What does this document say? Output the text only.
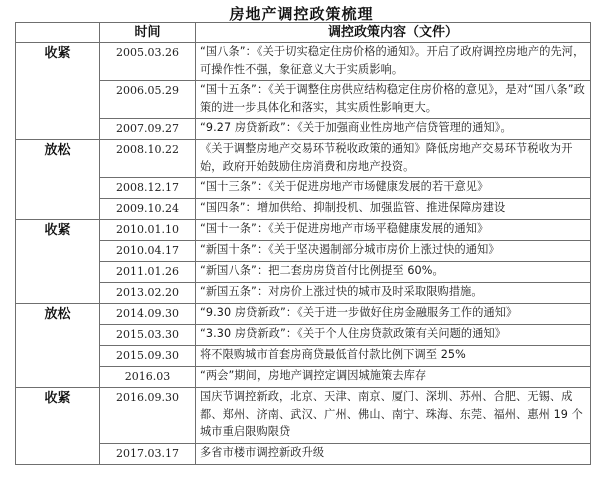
房地产调控政策梳理
	时间	调控政策内容（文件）
收紧	2005.03.26	“国八条”：《关于切实稳定住房价格的通知》。开启了政府调控房地产的先河，可操作性不强，象征意义大于实质影响。
	2006.05.29	“国十五条”：《关于调整住房供应结构稳定住房价格的意见》，是对“国八条”政策的进一步具体化和落实，其实质性影响更大。
	2007.09.27	“9.27 房贷新政”：《关于加强商业性房地产信贷管理的通知》。
放松	2008.10.22	《关于调整房地产交易环节税收政策的通知》降低房地产交易环节税收为开始，政府开始鼓励住房消费和房地产投资。
	2008.12.17	“国十三条”：《关于促进房地产市场健康发展的若干意见》
	2009.10.24	“国四条”：增加供给、抑制投机、加强监管、推进保障房建设
收紧	2010.01.10	“国十一条”：《关于促进房地产市场平稳健康发展的通知》
	2010.04.17	“新国十条”：《关于坚决遏制部分城市房价上涨过快的通知》
	2011.01.26	“新国八条”：把二套房房贷首付比例提至 60%。
	2013.02.20	“新国五条”：对房价上涨过快的城市及时采取限购措施。
放松	2014.09.30	“9.30 房贷新政”：《关于进一步做好住房金融服务工作的通知》
	2015.03.30	“3.30 房贷新政”：《关于个人住房贷款政策有关问题的通知》
	2015.09.30	将不限购城市首套房商贷最低首付款比例下调至 25%
	2016.03	“两会”期间，房地产调控定调因城施策去库存
收紧	2016.09.30	国庆节调控新政，北京、天津、南京、厦门、深圳、苏州、合肥、无锡、成都、郑州、济南、武汉、广州、佛山、南宁、珠海、东莞、福州、惠州 19 个城市重启限购限贷
	2017.03.17	多省市楼市调控新政升级
